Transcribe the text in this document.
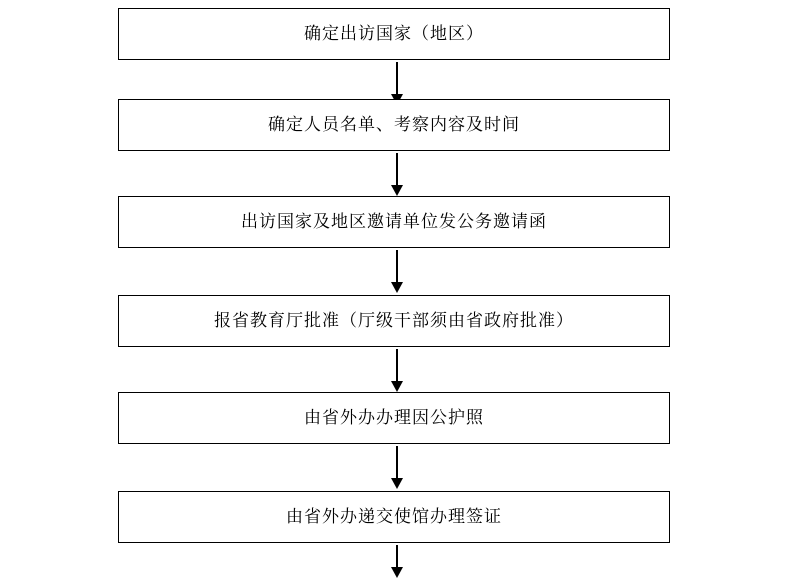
确定出访国家（地区）
确定人员名单、考察内容及时间
出访国家及地区邀请单位发公务邀请函
报省教育厅批准（厅级干部须由省政府批准）
由省外办办理因公护照
由省外办递交使馆办理签证
